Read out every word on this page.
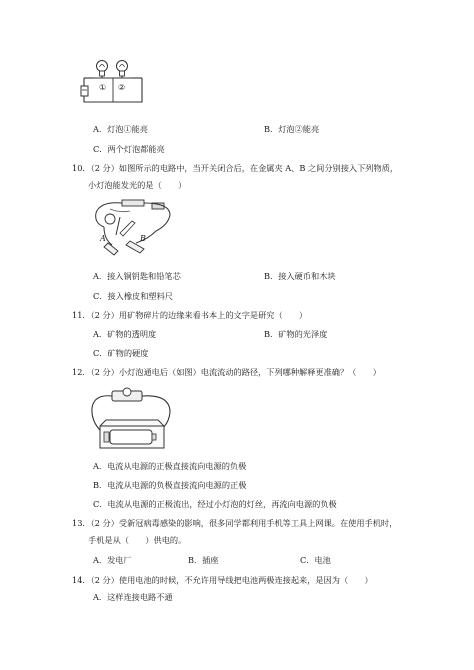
① ②
A．灯泡①能亮	B．灯泡②能亮
C．两个灯泡都能亮
10．（2 分）如图所示的电路中，当开关闭合后，在金属夹 A、B 之间分别接入下列物质，
小灯泡能发光的是（　　）
A	B
A．接入铜钥匙和铅笔芯	B．接入硬币和木块
C．接入橡皮和塑料尺
11．（2 分）用矿物碎片的边缘来看书本上的文字是研究（　　）
A．矿物的透明度	B．矿物的光泽度
C．矿物的硬度
12．（2 分）小灯泡通电后（如图）电流流动的路径，下列哪种解释更准确？（　　）
A．电流从电源的正极直接流向电源的负极
B．电流从电源的负极直接流向电源的正极
C．电流从电源的正极流出，经过小灯泡的灯丝，再流向电源的负极
13．（2 分）受新冠病毒感染的影响，很多同学都利用手机等工具上网课。在使用手机时，
手机是从（　　）供电的。
A．发电厂	B．插座	C．电池
14．（2 分）使用电池的时候，不允许用导线把电池两极连接起来，是因为（　　）
A．这样连接电路不通
